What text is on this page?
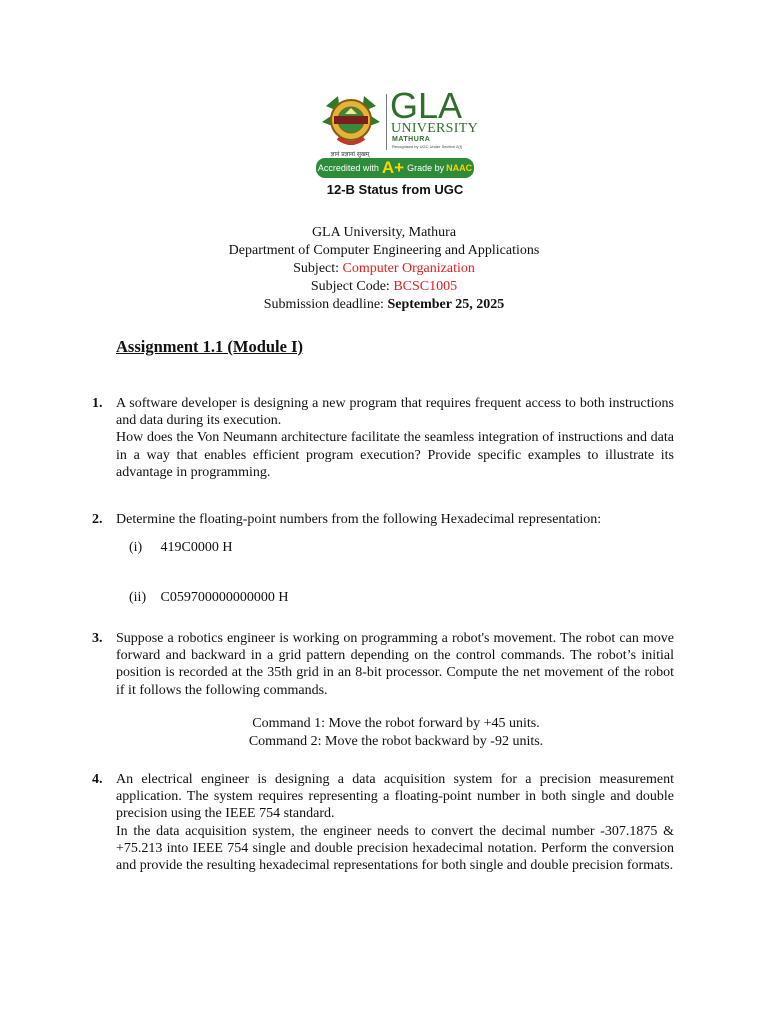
ज्ञानं प्रज्ञानां सुखम्
GLA
UNIVERSITY
MATHURA
Recognised by UGC Under Section 2(f)
Accredited with A+ Grade by NAAC
12-B Status from UGC
GLA University, Mathura
Department of Computer Engineering and Applications
Subject: Computer Organization
Subject Code: BCSC1005
Submission deadline: September 25, 2025
Assignment 1.1 (Module I)
1. A software developer is designing a new program that requires frequent access to both instructions and data during its execution.

How does the Von Neumann architecture facilitate the seamless integration of instructions and data in a way that enables efficient program execution? Provide specific examples to illustrate its advantage in programming.

2. Determine the floating-point numbers from the following Hexadecimal representation:

(i) 419C0000 H
(ii) C059700000000000 H
3. Suppose a robotics engineer is working on programming a robot's movement. The robot can move forward and backward in a grid pattern depending on the control commands. The robot’s initial position is recorded at the 35th grid in an 8-bit processor. Compute the net movement of the robot if it follows the following commands.

Command 1: Move the robot forward by +45 units.
Command 2: Move the robot backward by -92 units.
4. An electrical engineer is designing a data acquisition system for a precision measurement application. The system requires representing a floating-point number in both single and double precision using the IEEE 754 standard.

In the data acquisition system, the engineer needs to convert the decimal number -307.1875 & +75.213 into IEEE 754 single and double precision hexadecimal notation. Perform the conversion and provide the resulting hexadecimal representations for both single and double precision formats.
